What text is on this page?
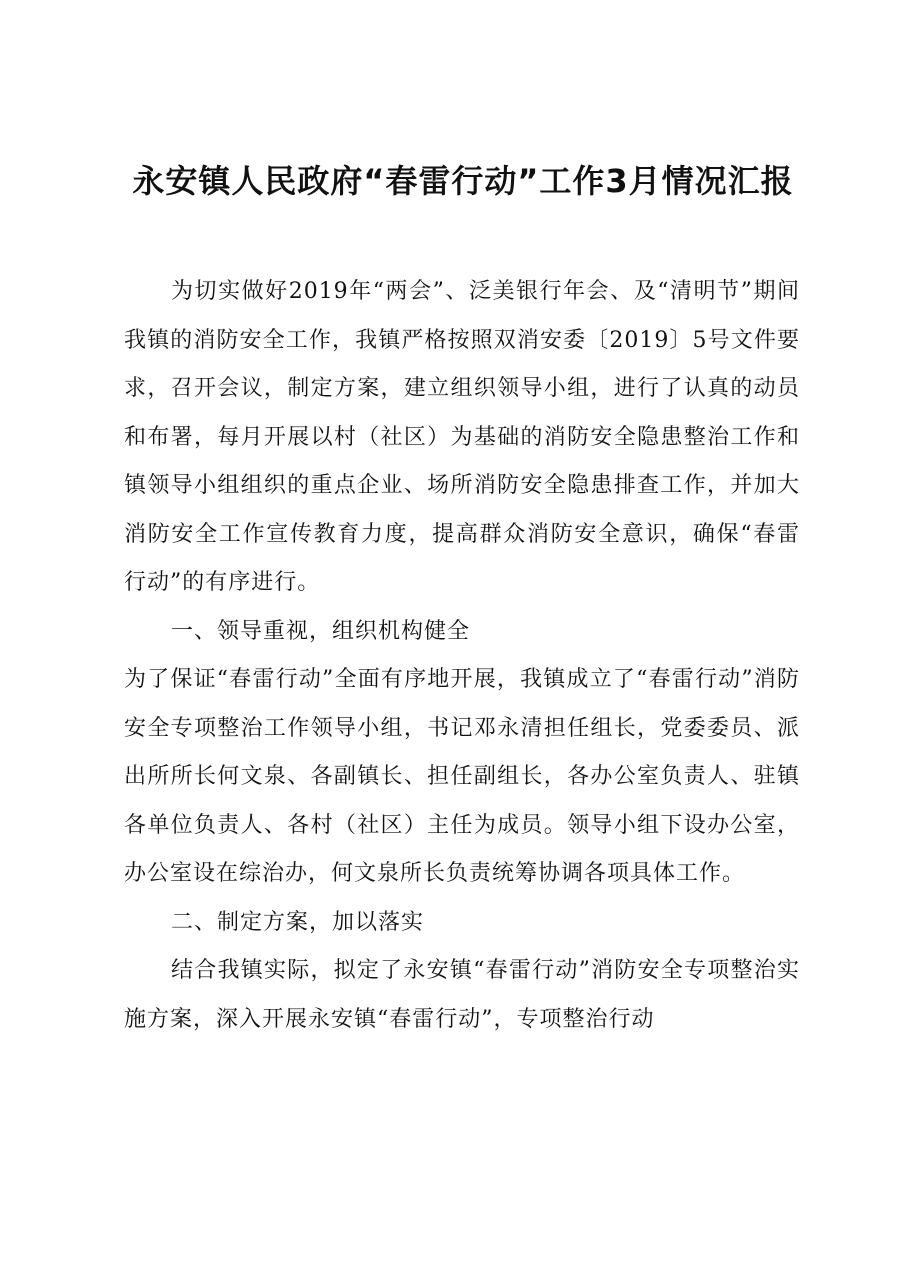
永安镇人民政府“春雷行动”工作3月情况汇报

为切实做好2019年“两会”、泛美银行年会、及“清明节”期间我镇的消防安全工作，我镇严格按照双消安委〔2019〕5号文件要求，召开会议，制定方案，建立组织领导小组，进行了认真的动员和布署，每月开展以村（社区）为基础的消防安全隐患整治工作和镇领导小组组织的重点企业、场所消防安全隐患排查工作，并加大消防安全工作宣传教育力度，提高群众消防安全意识，确保“春雷行动”的有序进行。

一、领导重视，组织机构健全

为了保证“春雷行动”全面有序地开展，我镇成立了“春雷行动”消防安全专项整治工作领导小组，书记邓永清担任组长，党委委员、派出所所长何文泉、各副镇长、担任副组长，各办公室负责人、驻镇各单位负责人、各村（社区）主任为成员。领导小组下设办公室，办公室设在综治办，何文泉所长负责统筹协调各项具体工作。

二、制定方案，加以落实

结合我镇实际，拟定了永安镇“春雷行动”消防安全专项整治实施方案，深入开展永安镇“春雷行动”，专项整治行动
